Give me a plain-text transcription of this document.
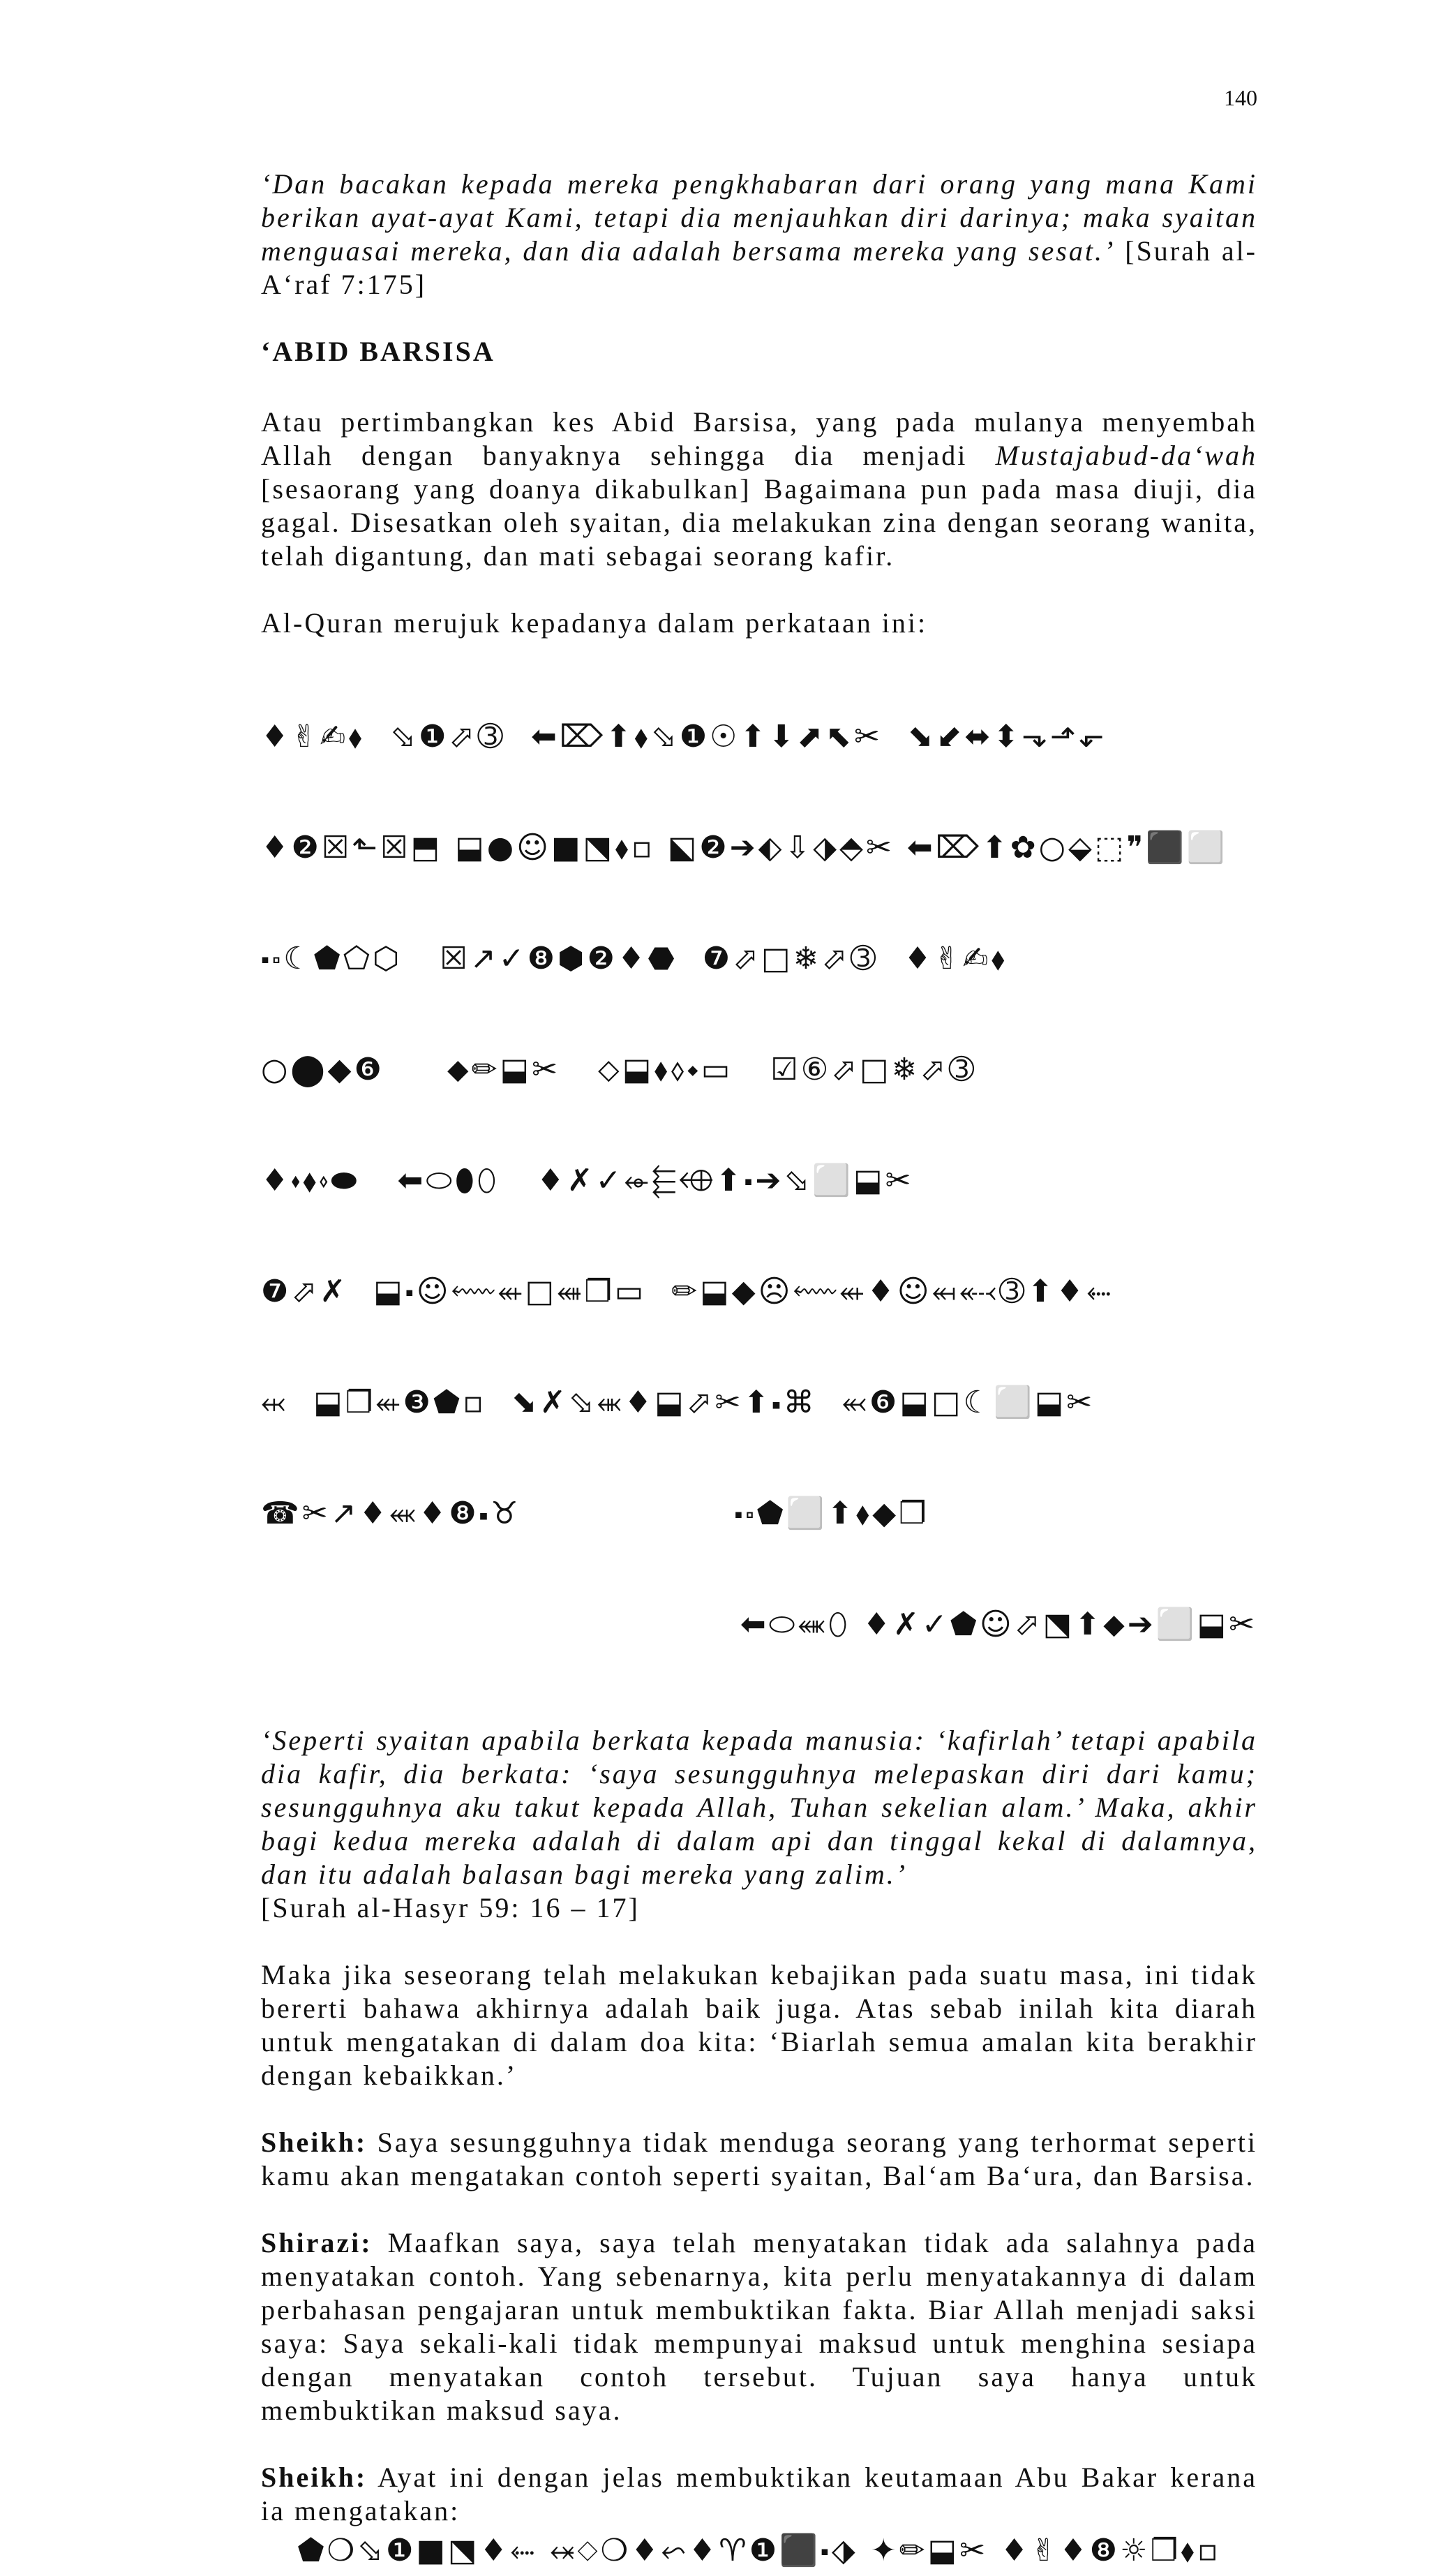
140

‘Dan bacakan kepada mereka pengkhabaran dari orang yang mana Kami berikan ayat-ayat Kami, tetapi dia menjauhkan diri darinya; maka syaitan menguasai mereka, dan dia adalah bersama mereka yang sesat.’ [Surah al-A‘raf 7:175]

‘ABID BARSISA

Atau pertimbangkan kes Abid Barsisa, yang pada mulanya menyembah Allah dengan banyaknya sehingga dia menjadi Mustajabud-da‘wah [sesaorang yang doanya dikabulkan] Bagaimana pun pada masa diuji, dia gagal. Disesatkan oleh syaitan, dia melakukan zina dengan seorang wanita, telah digantung, dan mati sebagai seorang kafir.

Al-Quran merujuk kepadanya dalam perkataan ini:

♦✌✍⬧  ⬂❶⬀➂  ⬅⌦⬆⬧⬂❶☉⬆⬇⬈⬉✂  ⬊⬋⬌⬍⬎⬏⬐

♦❷☒⬑☒⬒ ⬓●☺■⬔⬧▫ ⬕❷➔⬖⇩⬗⬘✂ ⬅⌦⬆✿○⬙⬚❞⬛⬜

⬝⬞☾⬟⬠⬡   ☒↗✓❽⬢❷♦⬣  ❼⬀□❄⬀➂  ♦✌✍⬧

○⬤◆❻     ⬥✏⬓✂   ⬦⬓⬧⬨⬩▭   ☑⑥⬀□❄⬀➂

♦⬪⬧⬫⬬   ⬅⬭⬮⬯   ♦✗✓⬰⬱⬲⬆⬝➔⬂⬜⬓✂

❼⬀✗  ⬓⬝☺⬳⬴□⬵❐▭  ✏⬓◆☹⬳⬴♦☺⬶⬷➂⬆♦⬸

⬹  ⬓❐⬴❸⬟▫  ⬊✗⬂⬺♦⬓⬀✂⬆⬝⌘  ⬻❻⬓□☾⬜⬓✂

☎✂↗♦⬼♦❽⬝♉                 ⬝⬞⬟⬜⬆⬧◆❐

⬅⬭⬽⬯ ♦✗✓⬟☺⬀⬔⬆⬥➔⬜⬓✂

‘Seperti syaitan apabila berkata kepada manusia: ‘kafirlah’ tetapi apabila dia kafir, dia berkata: ‘saya sesungguhnya melepaskan diri dari kamu; sesungguhnya aku takut kepada Allah, Tuhan sekelian alam.’ Maka, akhir bagi kedua mereka adalah di dalam api dan tinggal kekal di dalamnya, dan itu adalah balasan bagi mereka yang zalim.’
[Surah al-Hasyr 59: 16 – 17]

Maka jika seseorang telah melakukan kebajikan pada suatu masa, ini tidak bererti bahawa akhirnya adalah baik juga. Atas sebab inilah kita diarah untuk mengatakan di dalam doa kita: ‘Biarlah semua amalan kita berakhir dengan kebaikkan.’

Sheikh: Saya sesungguhnya tidak menduga seorang yang terhormat seperti kamu akan mengatakan contoh seperti syaitan, Bal‘am Ba‘ura, dan Barsisa.

Shirazi: Maafkan saya, saya telah menyatakan tidak ada salahnya pada menyatakan contoh. Yang sebenarnya, kita perlu menyatakannya di dalam perbahasan pengajaran untuk membuktikan fakta. Biar Allah menjadi saksi saya: Saya sekali-kali tidak mempunyai maksud untuk menghina sesiapa dengan menyatakan contoh tersebut. Tujuan saya hanya untuk membuktikan maksud saya.

Sheikh: Ayat ini dengan jelas membuktikan keutamaan Abu Bakar kerana ia mengatakan:

⬟❍⬂❶■⬔♦⬸ ⬾⬦❍♦⬿♦♈❶⬛⬝⬗ ✦✏⬓✂ ♦✌♦❽☼❐⬧▫
